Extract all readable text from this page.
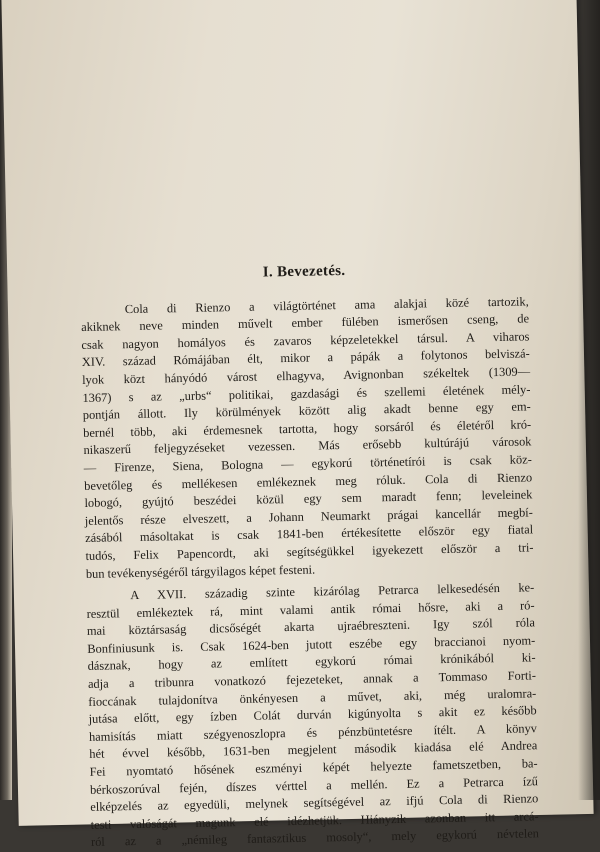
I. Bevezetés.
Cola di Rienzo a világtörténet ama alakjai közé tartozik,
akiknek neve minden művelt ember fülében ismerősen cseng, de
csak nagyon homályos és zavaros képzeletekkel társul. A viharos
XIV. század Rómájában élt, mikor a pápák a folytonos belviszá-
lyok közt hányódó várost elhagyva, Avignonban székeltek (1309—
1367) s az „urbs“ politikai, gazdasági és szellemi életének mély-
pontján állott. Ily körülmények között alig akadt benne egy em-
bernél több, aki érdemesnek tartotta, hogy sorsáról és életéről kró-
nikaszerű feljegyzéseket vezessen. Más erősebb kultúrájú városok
— Firenze, Siena, Bologna — egykorú történetírói is csak köz-
bevetőleg és mellékesen emlékeznek meg róluk. Cola di Rienzo
lobogó, gyújtó beszédei közül egy sem maradt fenn; leveleinek
jelentős része elveszett, a Johann Neumarkt prágai kancellár megbí-
zásából másoltakat is csak 1841-ben értékesítette először egy fiatal
tudós, Felix Papencordt, aki segítségükkel igyekezett először a tri-
bun tevékenységéről tárgyilagos képet festeni.
A XVII. századig szinte kizárólag Petrarca lelkesedésén ke-
resztül emlékeztek rá, mint valami antik római hősre, aki a ró-
mai köztársaság dicsőségét akarta ujraébreszteni. Igy szól róla
Bonfiniusunk is. Csak 1624-ben jutott eszébe egy braccianoi nyom-
dásznak, hogy az említett egykorú római krónikából ki-
adja a tribunra vonatkozó fejezeteket, annak a Tommaso Forti-
fioccának tulajdonítva önkényesen a művet, aki, még uralomra-
jutása előtt, egy ízben Colát durván kigúnyolta s akit ez később
hamisítás miatt szégyenoszlopra és pénzbüntetésre ítélt. A könyv
hét évvel később, 1631-ben megjelent második kiadása elé Andrea
Fei nyomtató hősének eszményi képét helyezte fametszetben, ba-
bérkoszorúval fején, díszes vérttel a mellén. Ez a Petrarca ízű
elképzelés az egyedüli, melynek segítségével az ifjú Cola di Rienzo
testi valóságát magunk elé idézhetjük. Hiányzik azonban itt arcá-
ról az a „némileg fantasztikus mosoly“, mely egykorú névtelen
